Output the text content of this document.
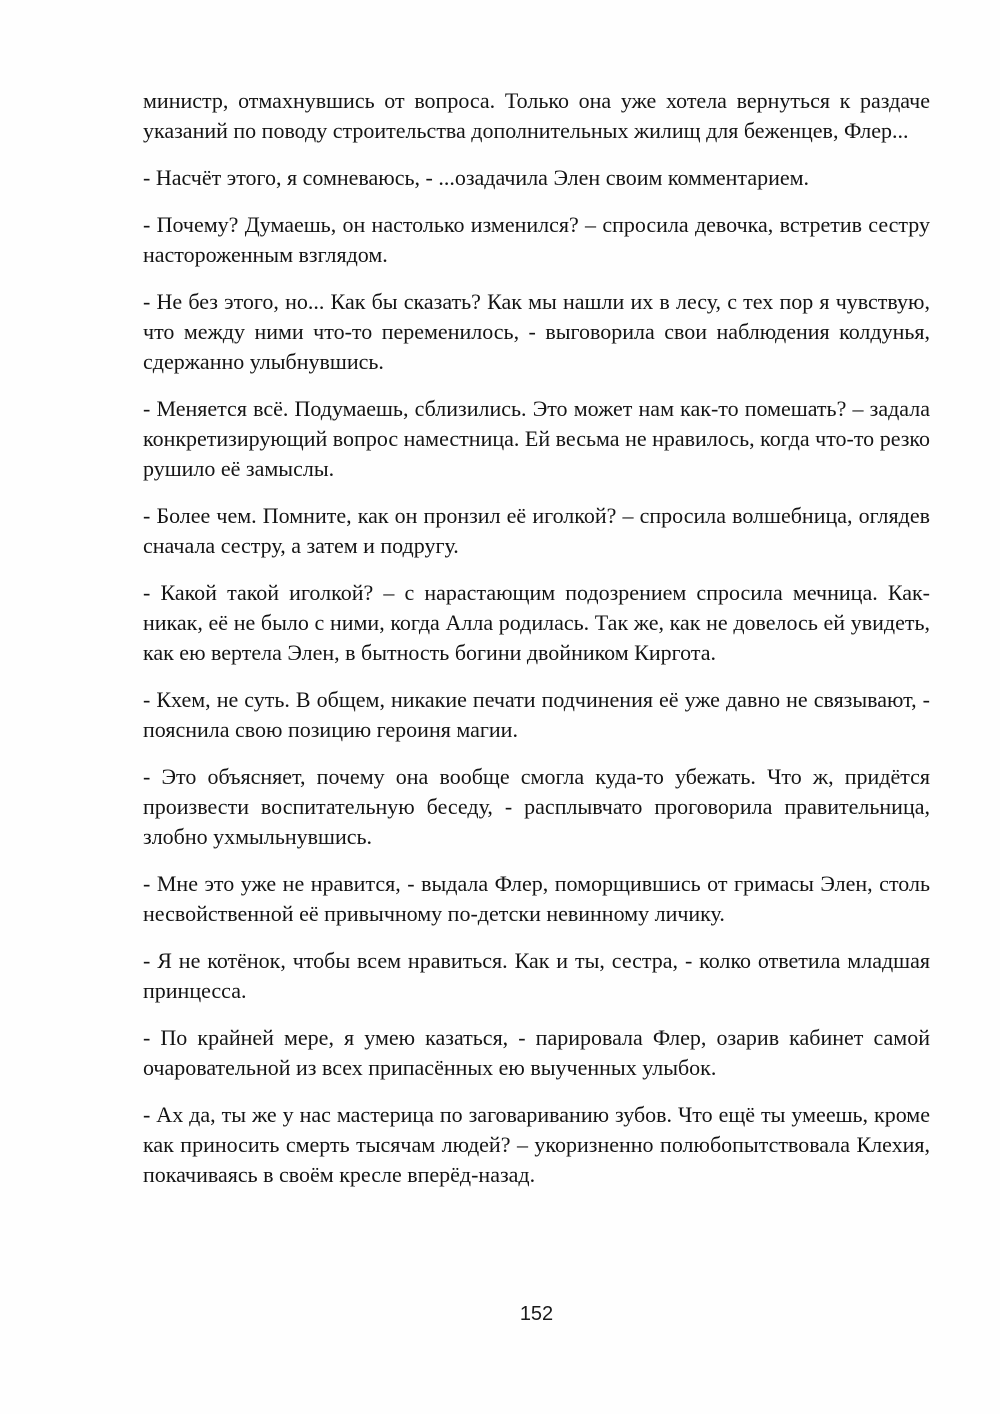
министр, отмахнувшись от вопроса. Только она уже хотела вернуться к раздаче указаний по поводу строительства дополнительных жилищ для беженцев, Флер...

- Насчёт этого, я сомневаюсь, - ...озадачила Элен своим комментарием.

- Почему? Думаешь, он настолько изменился? – спросила девочка, встретив сестру настороженным взглядом.

- Не без этого, но... Как бы сказать? Как мы нашли их в лесу, с тех пор я чувствую, что между ними что-то переменилось, - выговорила свои наблюдения колдунья, сдержанно улыбнувшись.

- Меняется всё. Подумаешь, сблизились. Это может нам как-то помешать? – задала конкретизирующий вопрос наместница. Ей весьма не нравилось, когда что-то резко рушило её замыслы.

- Более чем. Помните, как он пронзил её иголкой? – спросила волшебница, оглядев сначала сестру, а затем и подругу.

- Какой такой иголкой? – с нарастающим подозрением спросила мечница. Как-никак, её не было с ними, когда Алла родилась. Так же, как не довелось ей увидеть, как ею вертела Элен, в бытность богини двойником Киргота.

- Кхем, не суть. В общем, никакие печати подчинения её уже давно не связывают, - пояснила свою позицию героиня магии.

- Это объясняет, почему она вообще смогла куда-то убежать. Что ж, придётся произвести воспитательную беседу, - расплывчато проговорила правительница, злобно ухмыльнувшись.

- Мне это уже не нравится, - выдала Флер, поморщившись от гримасы Элен, столь несвойственной её привычному по-детски невинному личику.

- Я не котёнок, чтобы всем нравиться. Как и ты, сестра, - колко ответила младшая принцесса.

- По крайней мере, я умею казаться, - парировала Флер, озарив кабинет самой очаровательной из всех припасённых ею выученных улыбок.

- Ах да, ты же у нас мастерица по заговариванию зубов. Что ещё ты умеешь, кроме как приносить смерть тысячам людей? – укоризненно полюбопытствовала Клехия, покачиваясь в своём кресле вперёд-назад.

152
